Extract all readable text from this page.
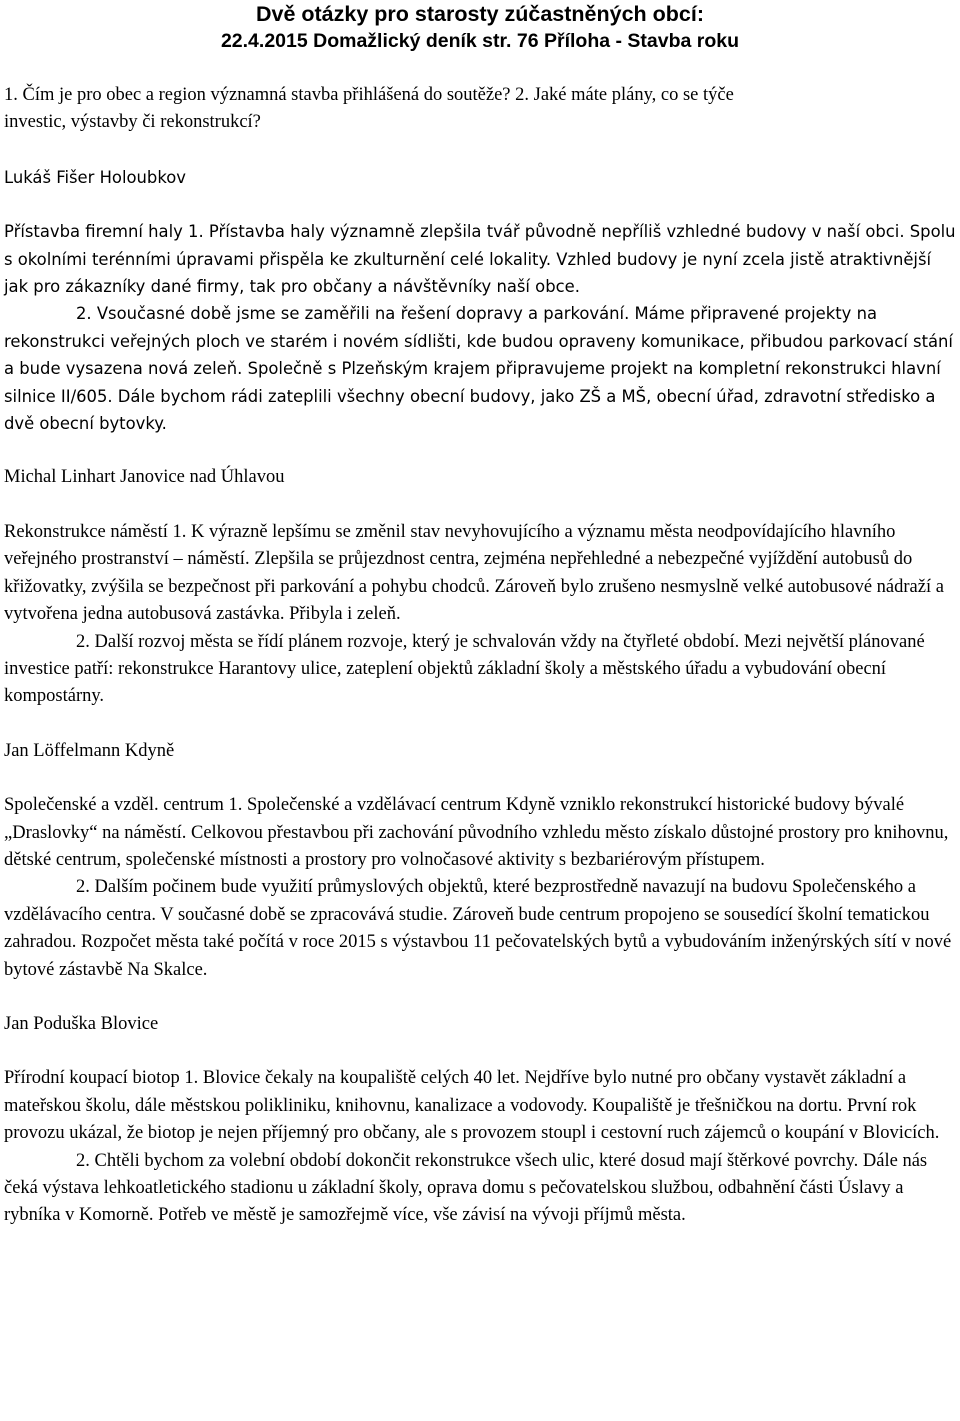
Dvě otázky pro starosty zúčastněných obcí:
22.4.2015 Domažlický deník str. 76 Příloha - Stavba roku
1. Čím je pro obec a region významná stavba přihlášená do soutěže? 2. Jaké máte plány, co se týče
investic, výstavby či rekonstrukcí?

Lukáš Fišer Holoubkov

Přístavba firemní haly 1. Přístavba haly významně zlepšila tvář původně nepříliš vzhledné budovy v naší obci. Spolu s okolními terénními úpravami přispěla ke zkulturnění celé lokality. Vzhled budovy je nyní zcela jistě atraktivnější jak pro zákazníky dané firmy, tak pro občany a návštěvníky naší obce.

2. Vsoučasné době jsme se zaměřili na řešení dopravy a parkování. Máme připravené projekty na rekonstrukci veřejných ploch ve starém i novém sídlišti, kde budou opraveny komunikace, přibudou parkovací stání a bude vysazena nová zeleň. Společně s Plzeňským krajem připravujeme projekt na kompletní rekonstrukci hlavní silnice II/605. Dále bychom rádi zateplili všechny obecní budovy, jako ZŠ a MŠ, obecní úřad, zdravotní středisko a dvě obecní bytovky.

Michal Linhart Janovice nad Úhlavou

Rekonstrukce náměstí 1. K výrazně lepšímu se změnil stav nevyhovujícího a významu města neodpovídajícího hlavního veřejného prostranství – náměstí. Zlepšila se průjezdnost centra, zejména nepřehledné a nebezpečné vyjíždění autobusů do křižovatky, zvýšila se bezpečnost při parkování a pohybu chodců. Zároveň bylo zrušeno nesmyslně velké autobusové nádraží a vytvořena jedna autobusová zastávka. Přibyla i zeleň.

2. Další rozvoj města se řídí plánem rozvoje, který je schvalován vždy na čtyřleté období. Mezi největší plánované investice patří: rekonstrukce Harantovy ulice, zateplení objektů základní školy a městského úřadu a vybudování obecní kompostárny.

Jan Löffelmann Kdyně

Společenské a vzděl. centrum 1. Společenské a vzdělávací centrum Kdyně vzniklo rekonstrukcí historické budovy bývalé „Draslovky“ na náměstí. Celkovou přestavbou při zachování původního vzhledu město získalo důstojné prostory pro knihovnu, dětské centrum, společenské místnosti a prostory pro volnočasové aktivity s bezbariérovým přístupem.

2. Dalším počinem bude využití průmyslových objektů, které bezprostředně navazují na budovu Společenského a vzdělávacího centra. V současné době se zpracovává studie. Zároveň bude centrum propojeno se sousedící školní tematickou zahradou. Rozpočet města také počítá v roce 2015 s výstavbou 11 pečovatelských bytů a vybudováním inženýrských sítí v nové bytové zástavbě Na Skalce.

Jan Poduška Blovice

Přírodní koupací biotop 1. Blovice čekaly na koupaliště celých 40 let. Nejdříve bylo nutné pro občany vystavět základní a mateřskou školu, dále městskou polikliniku, knihovnu, kanalizace a vodovody. Koupaliště je třešničkou na dortu. První rok provozu ukázal, že biotop je nejen příjemný pro občany, ale s provozem stoupl i cestovní ruch zájemců o koupání v Blovicích.

2. Chtěli bychom za volební období dokončit rekonstrukce všech ulic, které dosud mají štěrkové povrchy. Dále nás čeká výstava lehkoatletického stadionu u základní školy, oprava domu s pečovatelskou službou, odbahnění části Úslavy a rybníka v Komorně. Potřeb ve městě je samozřejmě více, vše závisí na vývoji příjmů města.
